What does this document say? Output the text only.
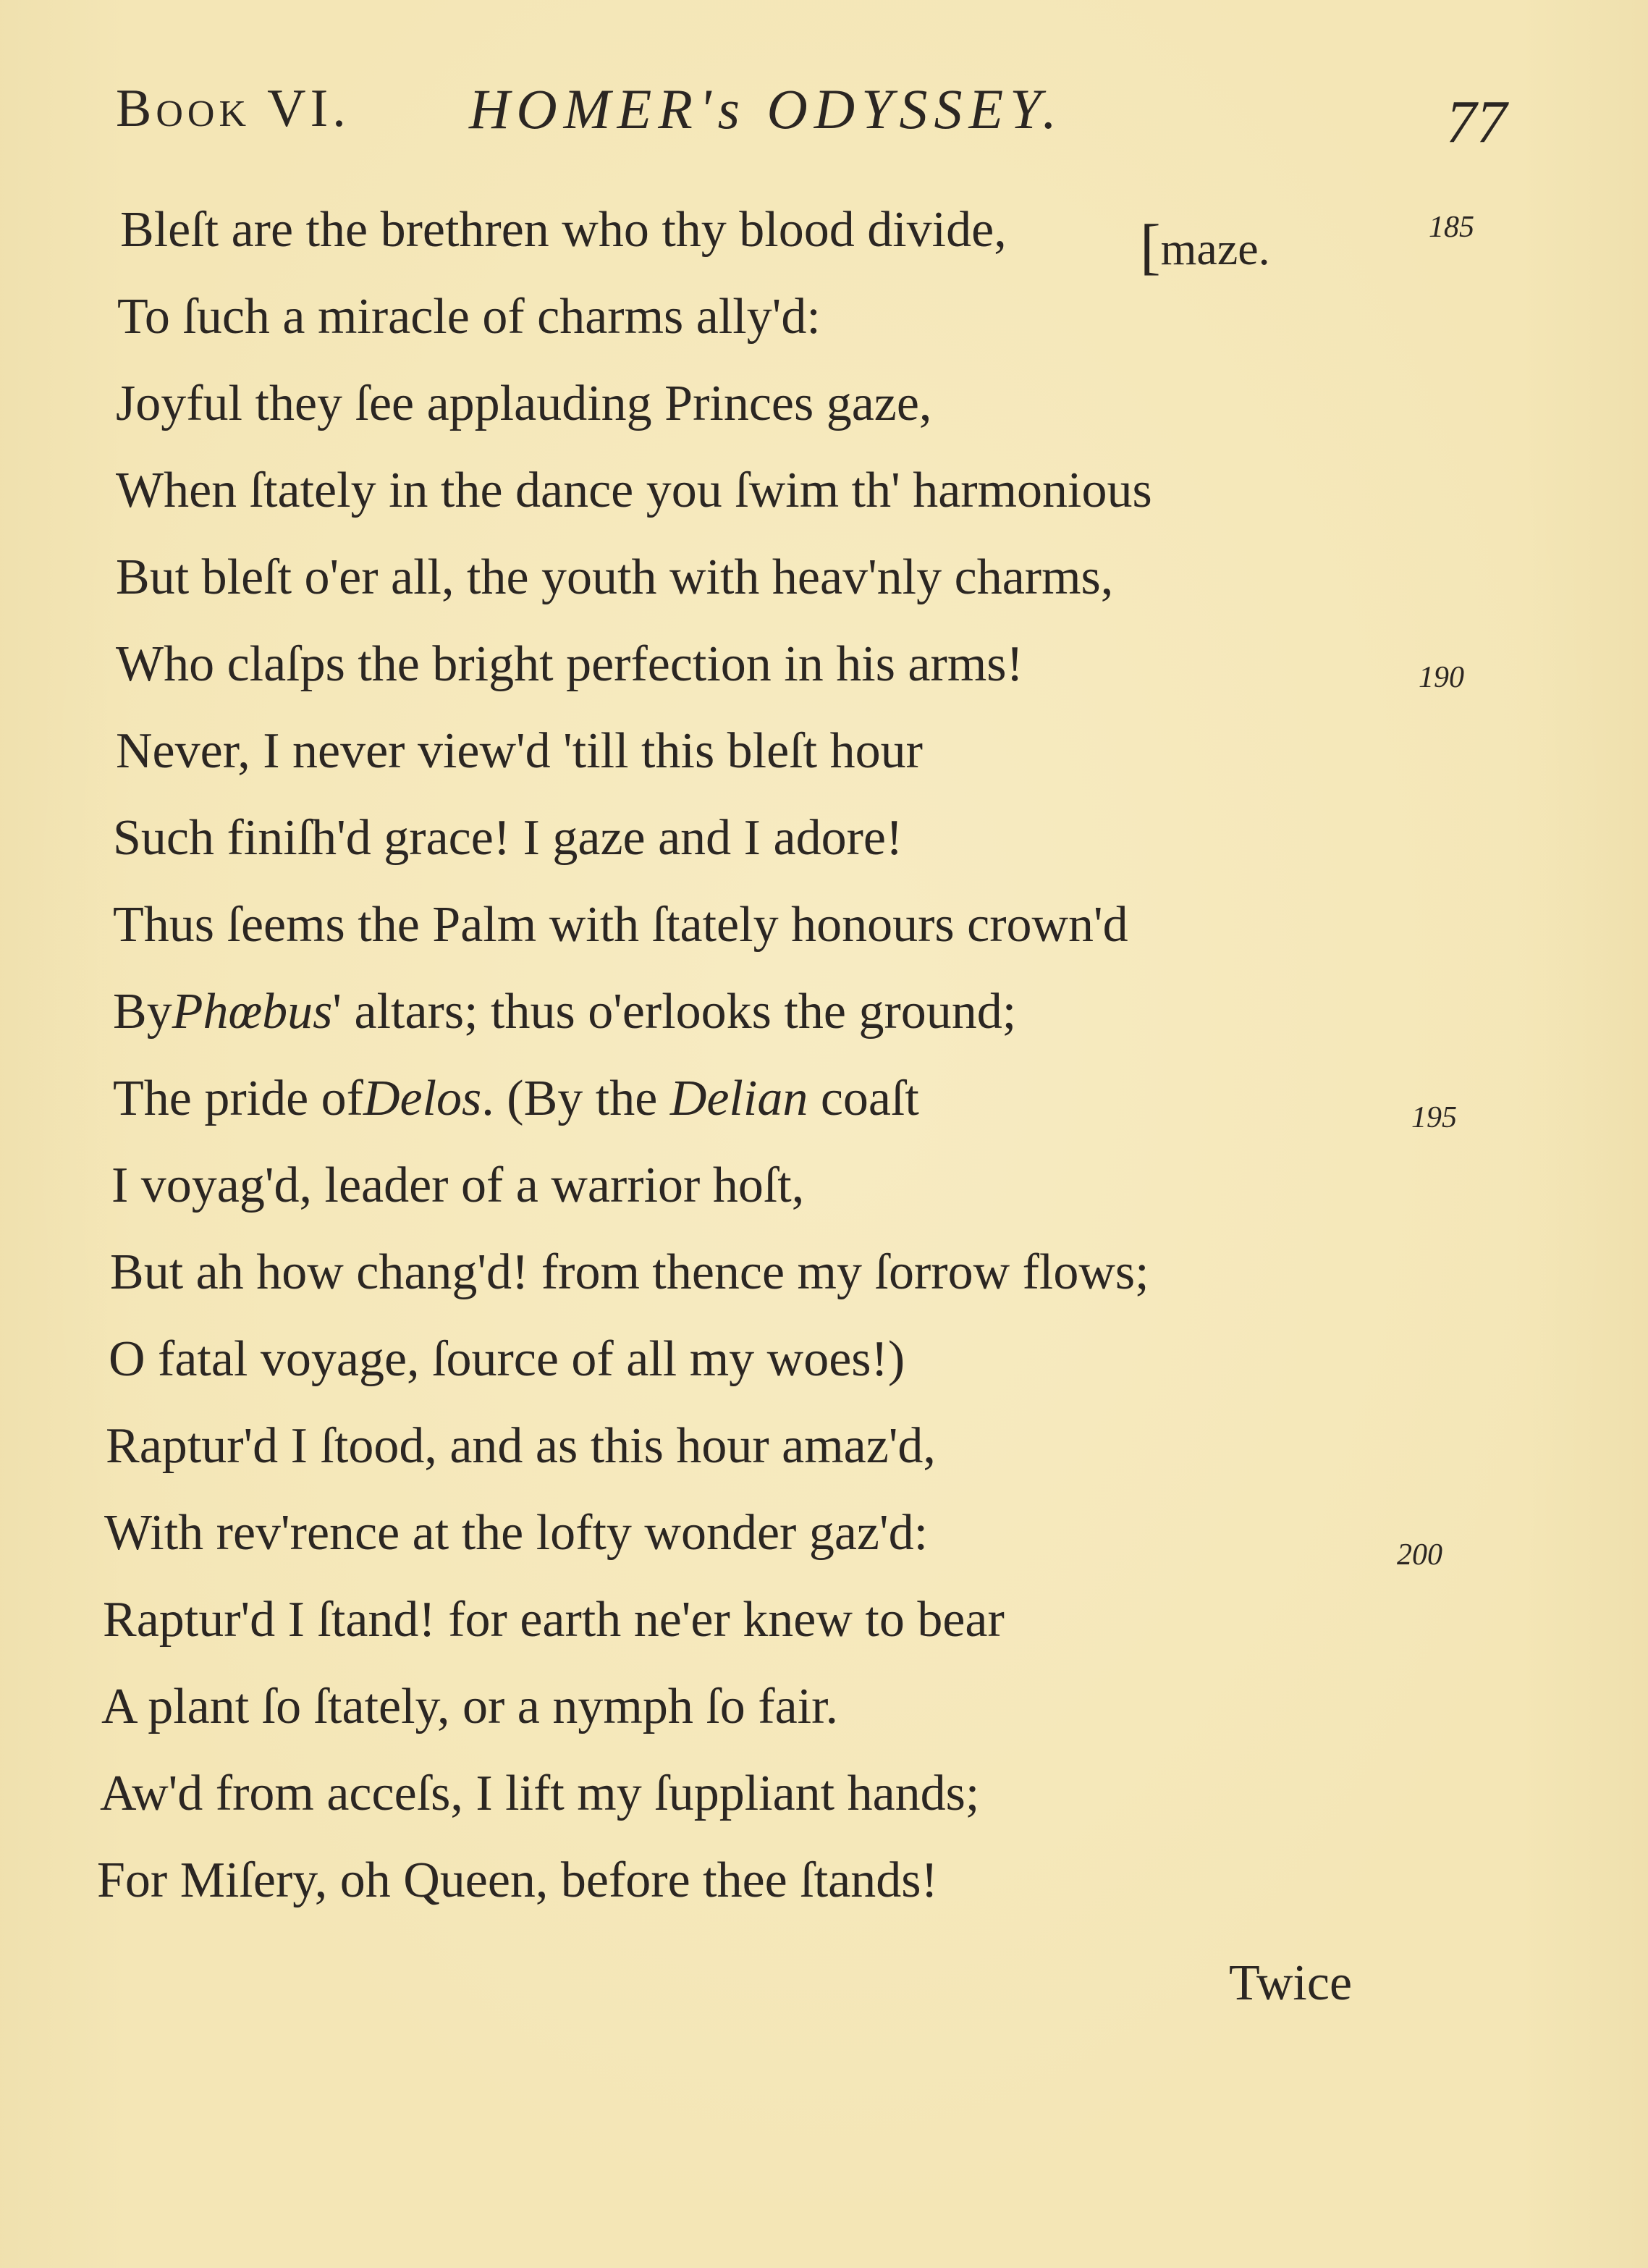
Book VI. HOMER's ODYSSEY.	77
Bleſt are the brethren who thy blood divide,
To ſuch a miracle of charms ally'd:
Joyful they ſee applauding Princes gaze,
When ſtately in the dance you ſwim th' harmonious
But bleſt o'er all, the youth with heav'nly charms,
Who claſps the bright perfection in his arms!
Never, I never view'd 'till this bleſt hour
Such finiſh'd grace! I gaze and I adore!
Thus ſeems the Palm with ſtately honours crown'd
ByPhœbus' altars; thus o'erlooks the ground;
The pride ofDelos. (By the Delian coaſt
I voyag'd, leader of a warrior hoſt,
But ah how chang'd! from thence my ſorrow flows;
O fatal voyage, ſource of all my woes!)
Raptur'd I ſtood, and as this hour amaz'd,
With rev'rence at the lofty wonder gaz'd:
Raptur'd I ſtand! for earth ne'er knew to bear
A plant ſo ſtately, or a nymph ſo fair.
Aw'd from acceſs, I lift my ſuppliant hands;
For Miſery, oh Queen, before thee ſtands!
[maze.	185
190
195
200
Twice
